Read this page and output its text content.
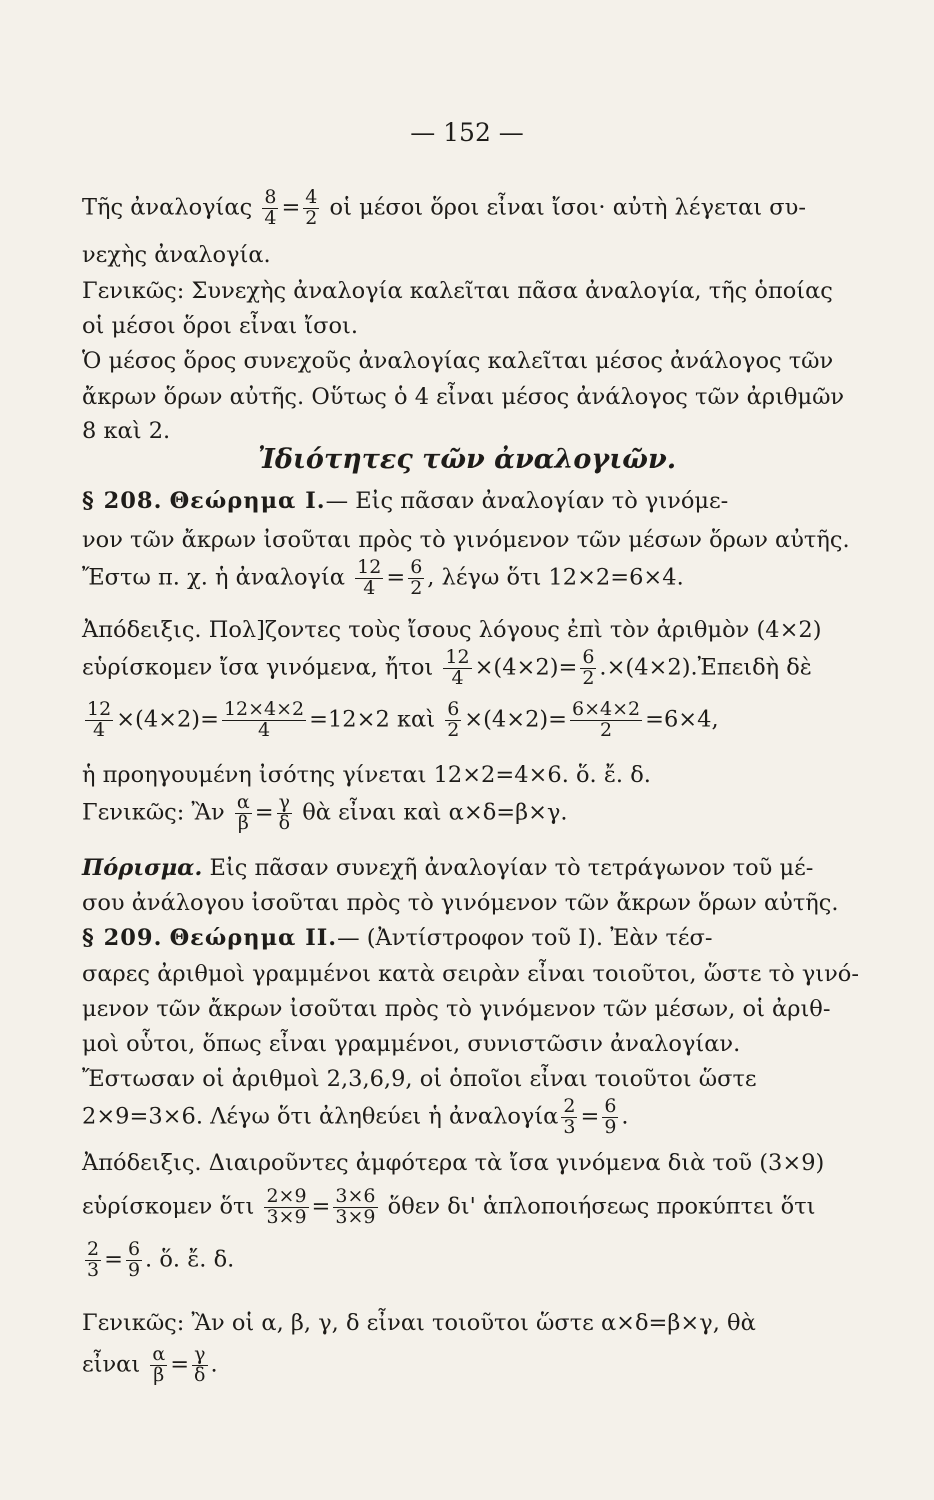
— 152 —
Τῆς ἀναλογίας $\frac{8}{4} = \frac{4}{2}$ οἱ μέσοι ὅροι εἶναι ἴσοι· αὐτὴ λέγεται συ-
νεχὴς ἀναλογία.
Γενικῶς: Συνεχὴς ἀναλογία καλεῖται πᾶσα ἀναλογία, τῆς ὁποίας
οἱ μέσοι ὅροι εἶναι ἴσοι.
Ὁ μέσος ὅρος συνεχοῦς ἀναλογίας καλεῖται μέσος ἀνάλογος τῶν
ἄκρων ὅρων αὐτῆς. Οὕτως ὁ 4 εἶναι μέσος ἀνάλογος τῶν ἀριθμῶν
8 καὶ 2.
Ἰδιότητες τῶν ἀναλογιῶν.
§ 208. Θεώρημα I.— Εἰς πᾶσαν ἀναλογίαν τὸ γινόμε-
νον τῶν ἄκρων ἰσοῦται πρὸς τὸ γινόμενον τῶν μέσων ὅρων αὐτῆς.
Ἔστω π. χ. ἡ ἀναλογία $\frac{12}{4} = \frac{6}{2}$ , λέγω ὅτι 12×2=6×4.
Ἀπόδειξις. Πολ]ζοντες τοὺς ἴσους λόγους ἐπὶ τὸν ἀριθμὸν (4×2)
εὑρίσκομεν ἴσα γινόμενα, ἤτοι $\frac{12}{4} \times(4\times 2)= \frac{6}{2}$ .×(4×2).Ἐπειδὴ δὲ
$\frac{12}{4} \times(4\times 2)= \frac{12\times 4\times 2}{4} =12\times 2$ καὶ $\frac{6}{2} \times(4\times 2)= \frac{6\times 4\times 2}{2} =6\times 4$,
ἡ προηγουμένη ἰσότης γίνεται 12×2=4×6. ὅ. ἔ. δ.
Γενικῶς: Ἂν $\frac{\alpha}{\beta} = \frac{\gamma}{\delta}$ θὰ εἶναι καὶ α×δ=β×γ.
Πόρισμα. Εἰς πᾶσαν συνεχῆ ἀναλογίαν τὸ τετράγωνον τοῦ μέ-
σου ἀνάλογου ἰσοῦται πρὸς τὸ γινόμενον τῶν ἄκρων ὅρων αὐτῆς.
§ 209. Θεώρημα II.— (Ἀντίστροφον τοῦ I). Ἐὰν τέσ-
σαρες ἀριθμοὶ γραμμένοι κατὰ σειρὰν εἶναι τοιοῦτοι, ὥστε τὸ γινό-
μενον τῶν ἄκρων ἰσοῦται πρὸς τὸ γινόμενον τῶν μέσων, οἱ ἀριθ-
μοὶ οὗτοι, ὅπως εἶναι γραμμένοι, συνιστῶσιν ἀναλογίαν.
Ἔστωσαν οἱ ἀριθμοὶ 2,3,6,9, οἱ ὁποῖοι εἶναι τοιοῦτοι ὥστε
2×9=3×6. Λέγω ὅτι ἀληθεύει ἡ ἀναλογία $\frac{2}{3} = \frac{6}{9}$ .
Ἀπόδειξις. Διαιροῦντες ἀμφότερα τὰ ἴσα γινόμενα διὰ τοῦ (3×9)
εὑρίσκομεν ὅτι $\frac{2\times 9}{3\times 9} = \frac{3\times 6}{3\times 9}$ ὅθεν δι' ἁπλοποιήσεως προκύπτει ὅτι
$\frac{2}{3} = \frac{6}{9}$ . ὅ. ἔ. δ.
Γενικῶς: Ἂν οἱ α, β, γ, δ εἶναι τοιοῦτοι ὥστε α×δ=β×γ, θὰ
εἶναι $\frac{\alpha}{\beta} = \frac{\gamma}{\delta}$ .
